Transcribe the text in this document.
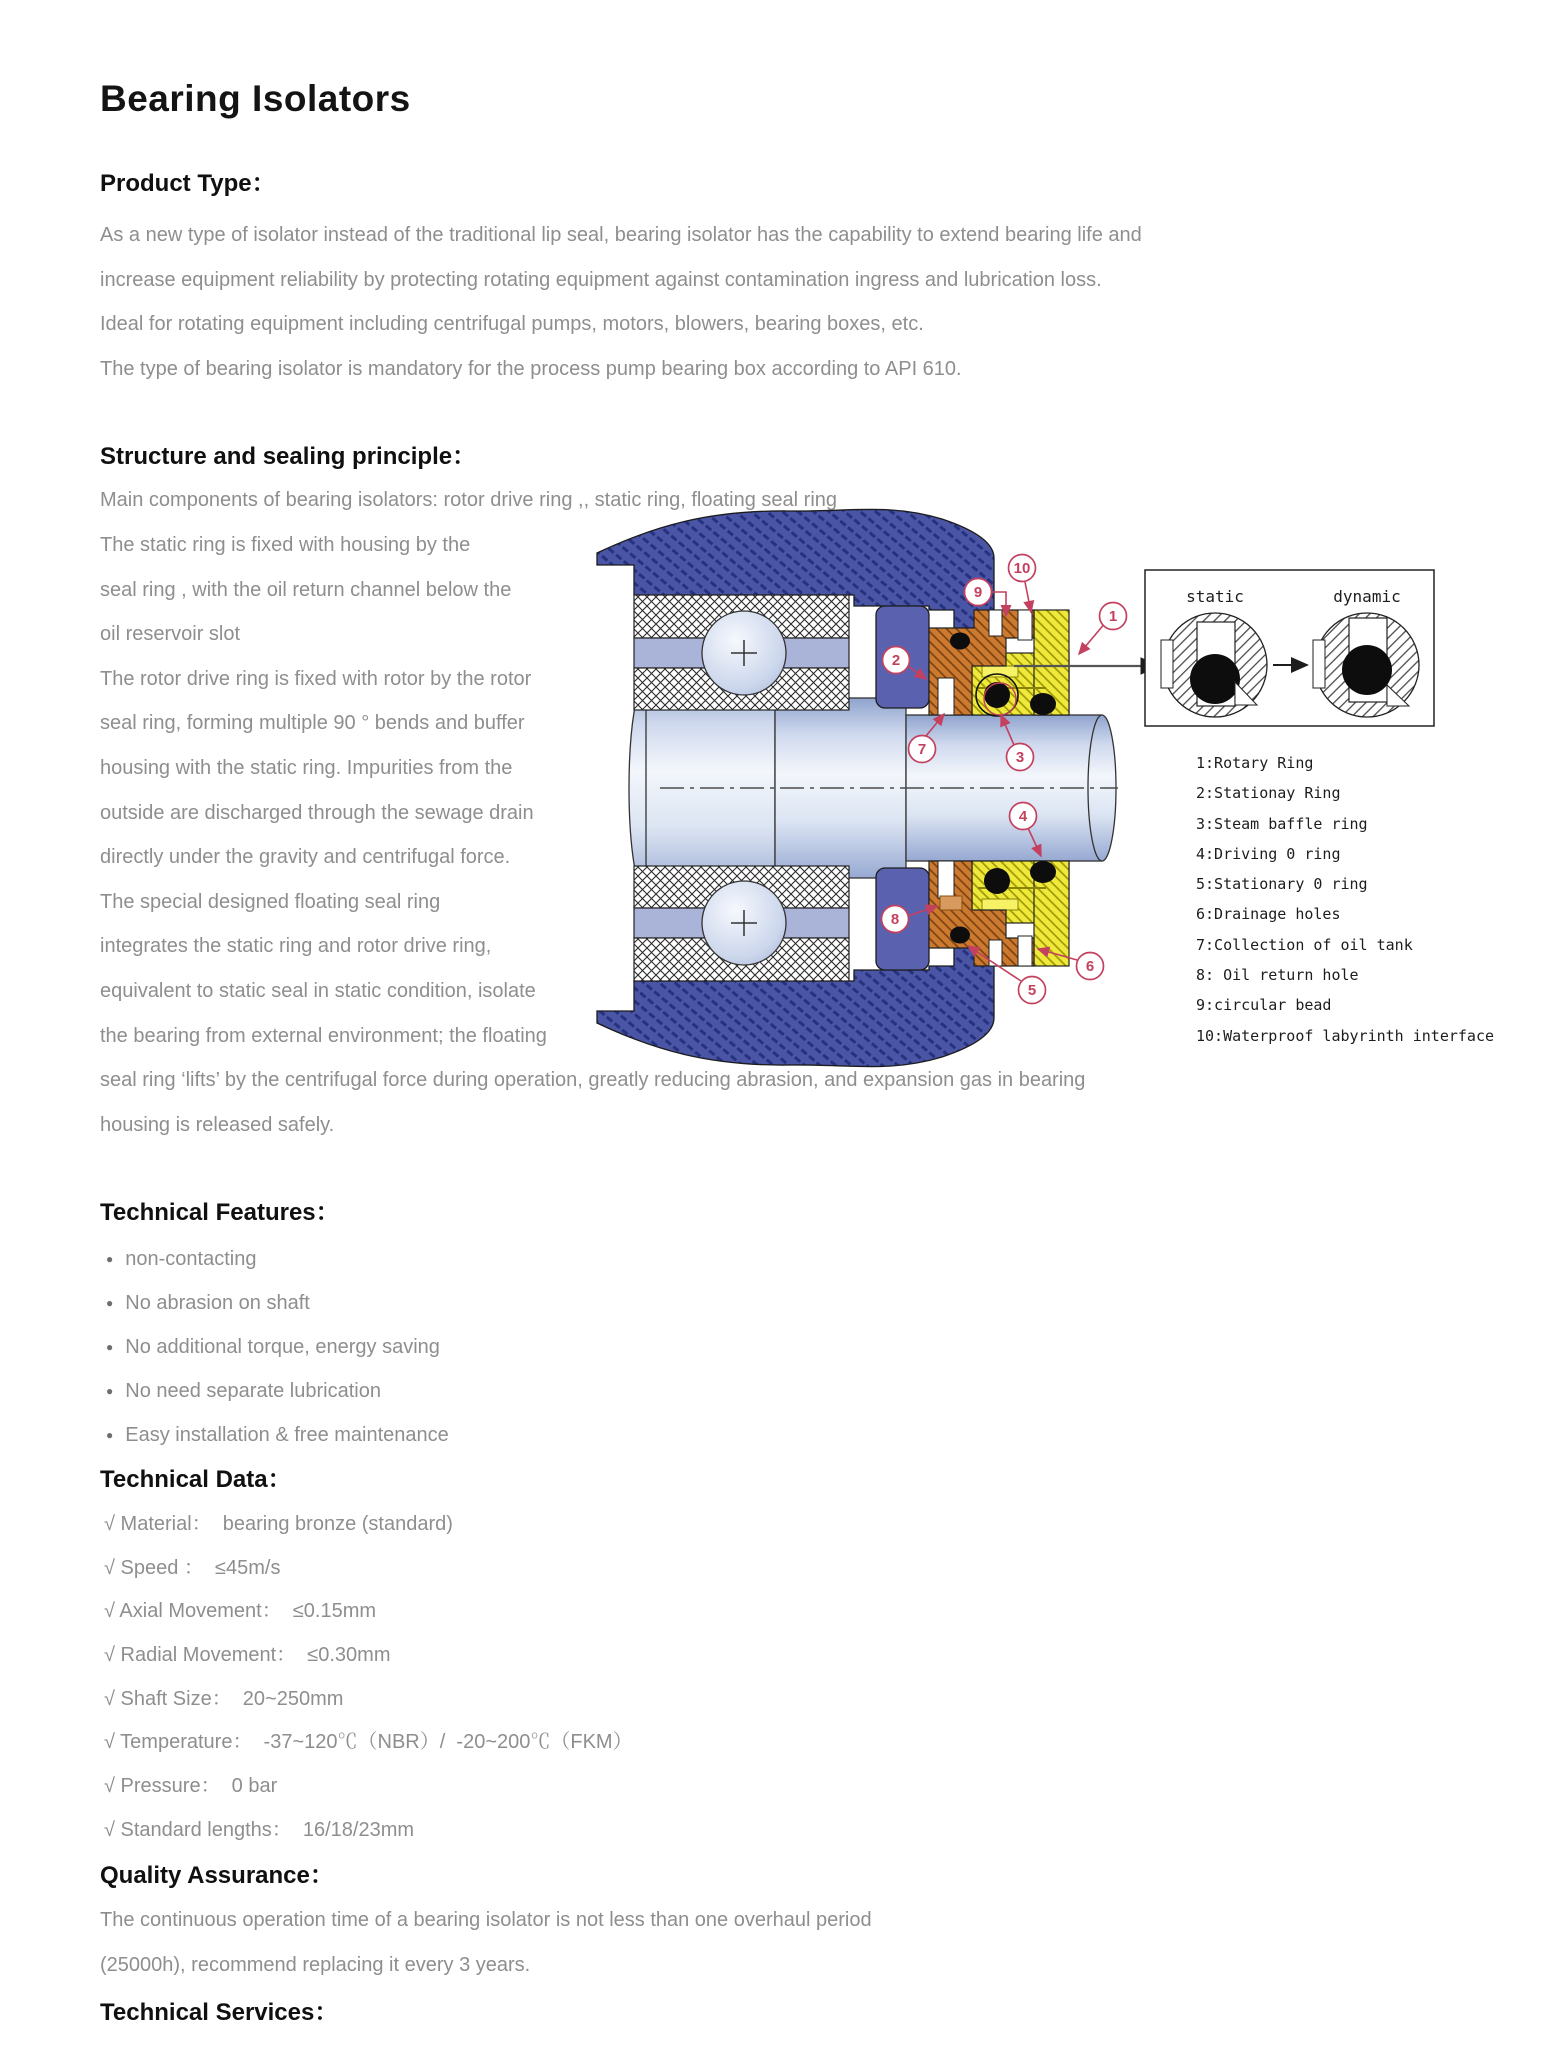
Bearing Isolators
Product Type：
As a new type of isolator instead of the traditional lip seal, bearing isolator has the capability to extend bearing life and
increase equipment reliability by protecting rotating equipment against contamination ingress and lubrication loss.
Ideal for rotating equipment including centrifugal pumps, motors, blowers, bearing boxes, etc.
The type of bearing isolator is mandatory for the process pump bearing box according to API 610.
Structure and sealing principle：
Main components of bearing isolators: rotor drive ring ,, static ring, floating seal ring
The static ring is fixed with housing by the
seal ring , with the oil return channel below the
oil reservoir slot
The rotor drive ring is fixed with rotor by the rotor
seal ring, forming multiple 90 ° bends and buffer
housing with the static ring. Impurities from the
outside are discharged through the sewage drain
directly under the gravity and centrifugal force.
The special designed floating seal ring
integrates the static ring and rotor drive ring,
equivalent to static seal in static condition, isolate
the bearing from external environment; the floating
seal ring ‘lifts’ by the centrifugal force during operation, greatly reducing abrasion, and expansion gas in bearing
housing is released safely.
static	dynamic
1
2
3
4
5
6
7
8
9
10
1:Rotary Ring
2:Stationay Ring
3:Steam baffle ring
4:Driving 0 ring
5:Stationary 0 ring
6:Drainage holes
7:Collection of oil tank
8: Oil return hole
9:circular bead
10:Waterproof labyrinth interface
Technical Features：
● non-contacting
● No abrasion on shaft
● No additional torque, energy saving
● No need separate lubrication
● Easy installation & free maintenance
Technical Data：
√ Material：  bearing bronze (standard)
√ Speed ：  ≤45m/s
√ Axial Movement：  ≤0.15mm
√ Radial Movement：  ≤0.30mm
√ Shaft Size：  20~250mm
√ Temperature：  -37~120℃（NBR）/  -20~200℃（FKM）
√ Pressure：  0 bar
√ Standard lengths：  16/18/23mm
Quality Assurance：
The continuous operation time of a bearing isolator is not less than one overhaul period
(25000h), recommend replacing it every 3 years.
Technical Services：
